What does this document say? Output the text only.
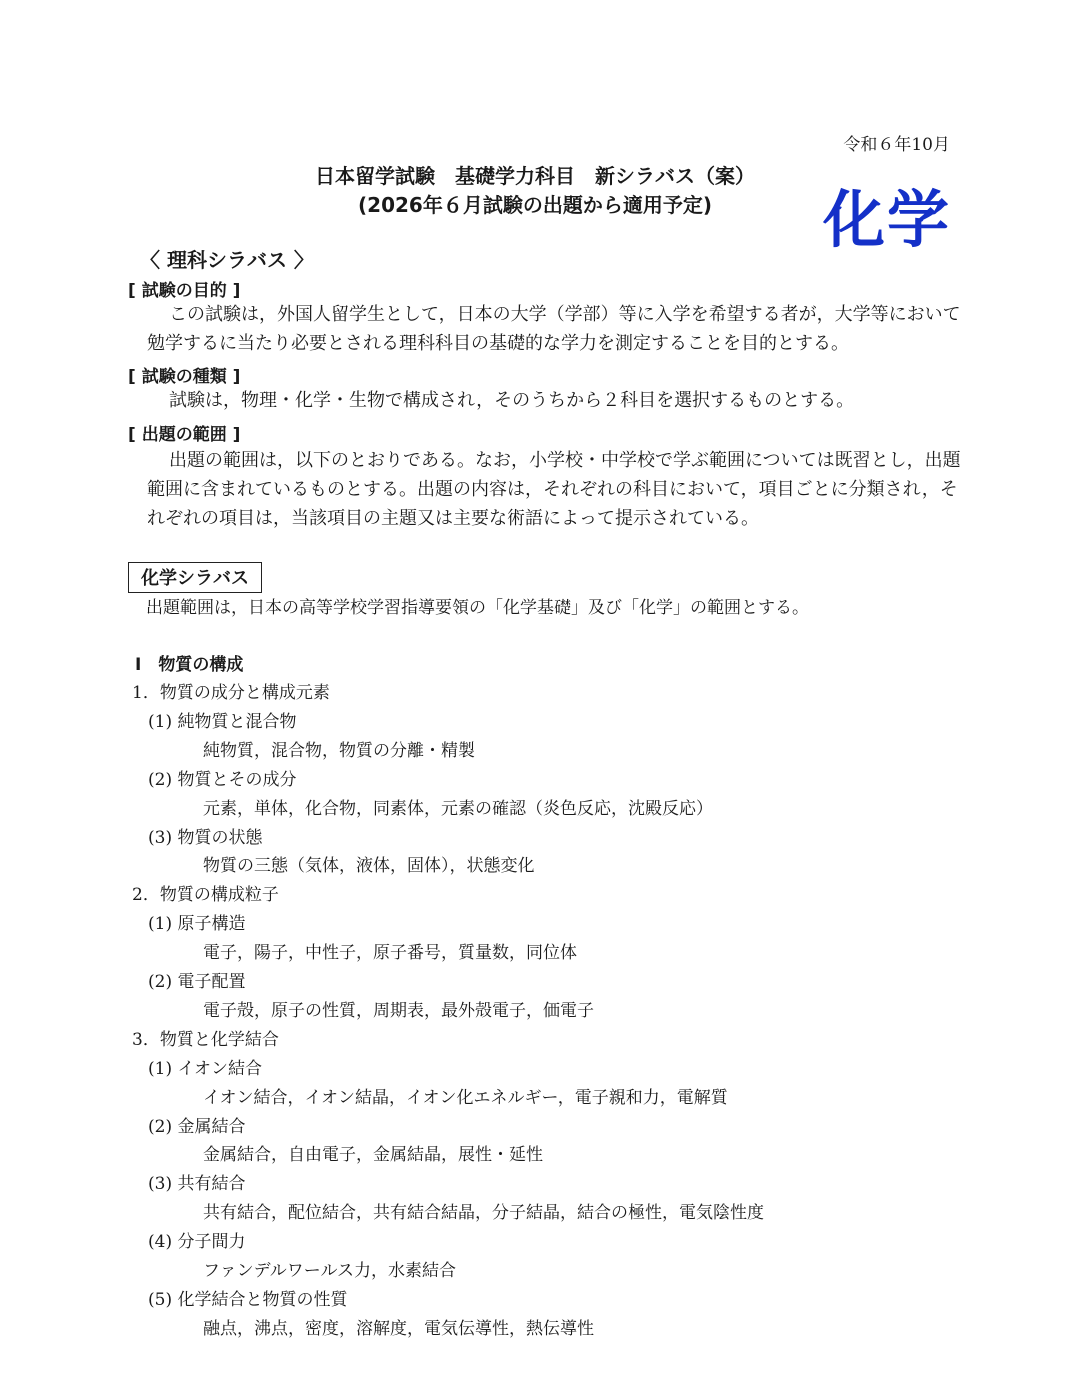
令和６年10月
日本留学試験　基礎学力科目　新シラバス（案）
(2026年６月試験の出題から適用予定)	化学
〈 理科シラバス 〉
[ 試験の目的 ]
この試験は，外国人留学生として，日本の大学（学部）等に入学を希望する者が，大学等において勉学するに当たり必要とされる理科科目の基礎的な学力を測定することを目的とする。
[ 試験の種類 ]
試験は，物理・化学・生物で構成され，そのうちから２科目を選択するものとする。
[ 出題の範囲 ]
出題の範囲は，以下のとおりである。なお，小学校・中学校で学ぶ範囲については既習とし，出題範囲に含まれているものとする。出題の内容は，それぞれの科目において，項目ごとに分類され，それぞれの項目は，当該項目の主題又は主要な術語によって提示されている。
化学シラバス
出題範囲は，日本の高等学校学習指導要領の「化学基礎」及び「化学」の範囲とする。
Ⅰ　物質の構成
1．物質の成分と構成元素
(1) 純物質と混合物
純物質，混合物，物質の分離・精製
(2) 物質とその成分
元素，単体，化合物，同素体，元素の確認（炎色反応，沈殿反応）
(3) 物質の状態
物質の三態（気体，液体，固体），状態変化
2．物質の構成粒子
(1) 原子構造
電子，陽子，中性子，原子番号，質量数，同位体
(2) 電子配置
電子殻，原子の性質，周期表，最外殻電子，価電子
3．物質と化学結合
(1) イオン結合
イオン結合，イオン結晶，イオン化エネルギー，電子親和力，電解質
(2) 金属結合
金属結合，自由電子，金属結晶，展性・延性
(3) 共有結合
共有結合，配位結合，共有結合結晶，分子結晶，結合の極性，電気陰性度
(4) 分子間力
ファンデルワールス力，水素結合
(5) 化学結合と物質の性質
融点，沸点，密度，溶解度，電気伝導性，熱伝導性
